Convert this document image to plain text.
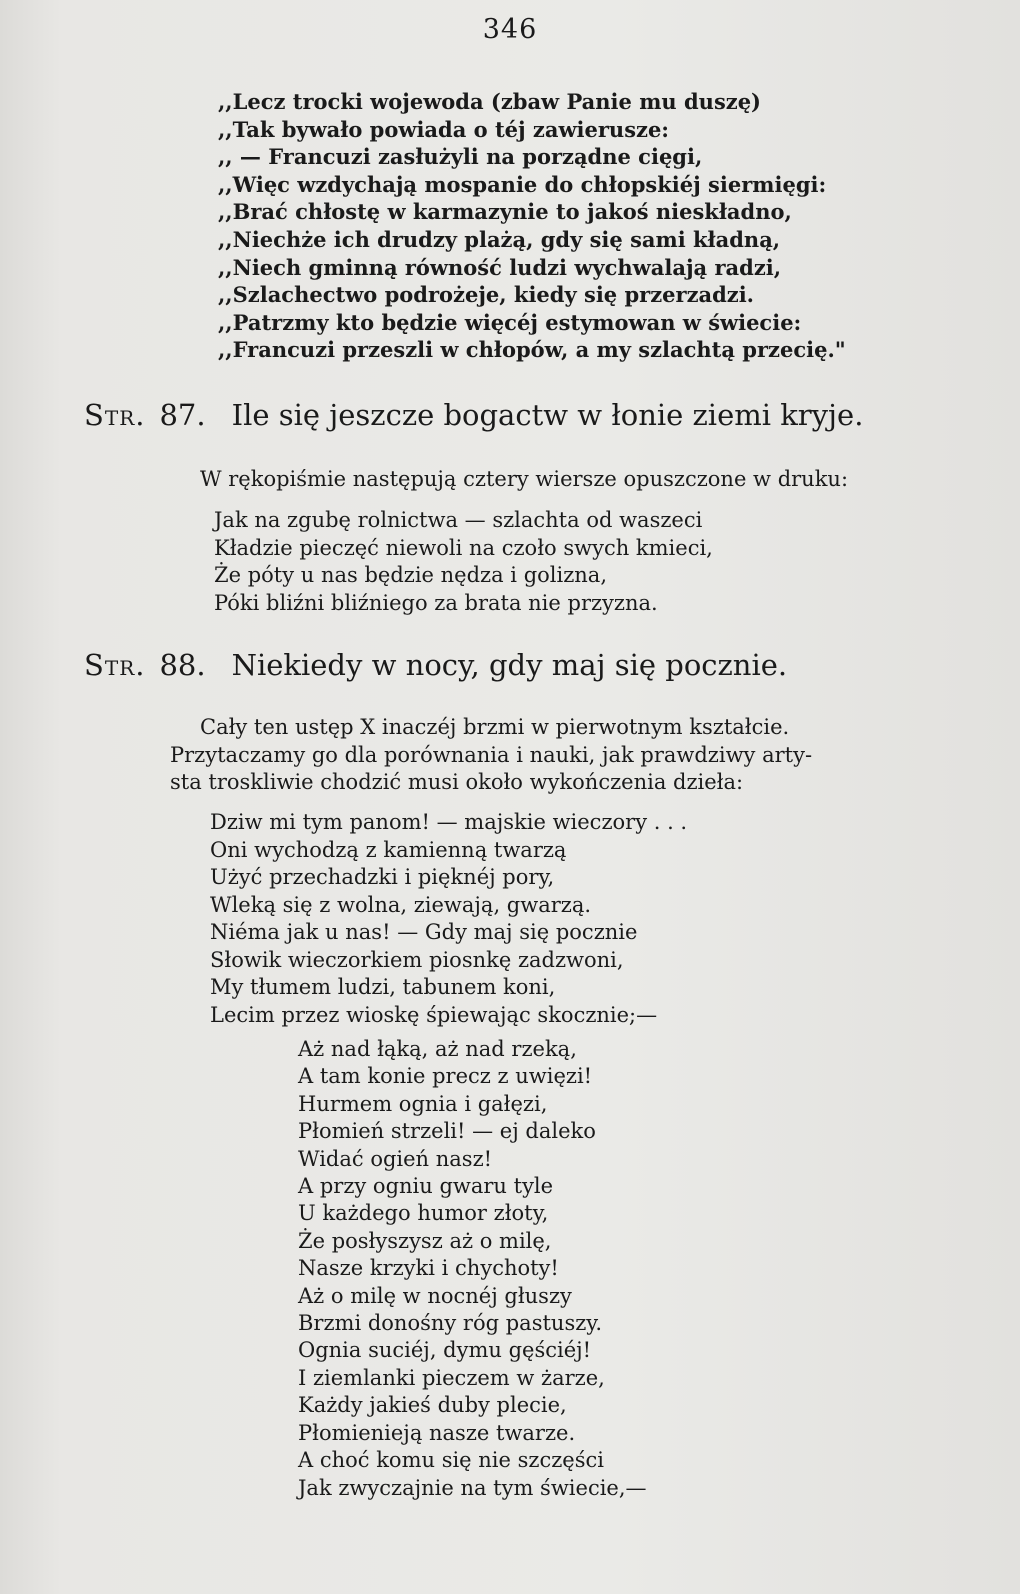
346
,,Lecz trocki wojewoda (zbaw Panie mu duszę)
,,Tak bywało powiada o téj zawierusze:
,, — Francuzi zasłużyli na porządne cięgi,
,,Więc wzdychają mospanie do chłopskiéj siermięgi:
,,Brać chłostę w karmazynie to jakoś nieskładno,
,,Niechże ich drudzy plażą, gdy się sami kładną,
,,Niech gminną równość ludzi wychwalają radzi,
,,Szlachectwo podrożeje, kiedy się przerzadzi.
,,Patrzmy kto będzie więcéj estymowan w świecie:
,,Francuzi przeszli w chłopów, a my szlachtą przecię."
Str. 87. Ile się jeszcze bogactw w łonie ziemi kryje.
W rękopiśmie następują cztery wiersze opuszczone w druku:
Jak na zgubę rolnictwa — szlachta od waszeci
Kładzie pieczęć niewoli na czoło swych kmieci,
Że póty u nas będzie nędza i golizna,
Póki bliźni bliźniego za brata nie przyzna.
Str. 88. Niekiedy w nocy, gdy maj się pocznie.
Cały ten ustęp X inaczéj brzmi w pierwotnym kształcie.
Przytaczamy go dla porównania i nauki, jak prawdziwy arty-
sta troskliwie chodzić musi około wykończenia dzieła:
Dziw mi tym panom! — majskie wieczory . . .
Oni wychodzą z kamienną twarzą
Użyć przechadzki i pięknéj pory,
Wleką się z wolna, ziewają, gwarzą.
Niéma jak u nas! — Gdy maj się pocznie
Słowik wieczorkiem piosnkę zadzwoni,
My tłumem ludzi, tabunem koni,
Lecim przez wioskę śpiewając skocznie;—
Aż nad łąką, aż nad rzeką,
A tam konie precz z uwięzi!
Hurmem ognia i gałęzi,
Płomień strzeli! — ej daleko
Widać ogień nasz!
A przy ogniu gwaru tyle
U każdego humor złoty,
Że posłyszysz aż o milę,
Nasze krzyki i chychoty!
Aż o milę w nocnéj głuszy
Brzmi donośny róg pastuszy.
Ognia suciéj, dymu gęściéj!
I ziemlanki pieczem w żarze,
Każdy jakieś duby plecie,
Płomienieją nasze twarze.
A choć komu się nie szczęści
Jak zwyczajnie na tym świecie,—
